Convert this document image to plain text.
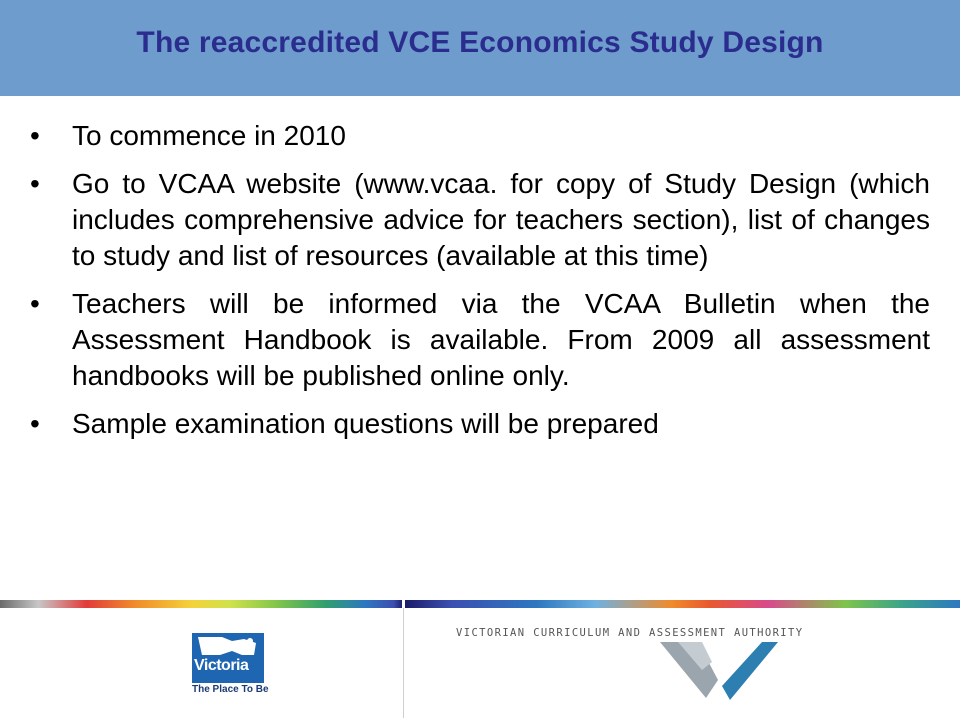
The reaccredited VCE Economics Study Design
• To commence in 2010
• Go to VCAA website (www.vcaa. for copy of Study Design (which includes comprehensive advice for teachers section), list of changes to study and list of resources (available at this time)
• Teachers will be informed via the VCAA Bulletin when the Assessment Handbook is available. From 2009 all assessment handbooks will be published online only.
• Sample examination questions will be prepared
Victoria
The Place To Be
VICTORIAN CURRICULUM AND ASSESSMENT AUTHORITY
